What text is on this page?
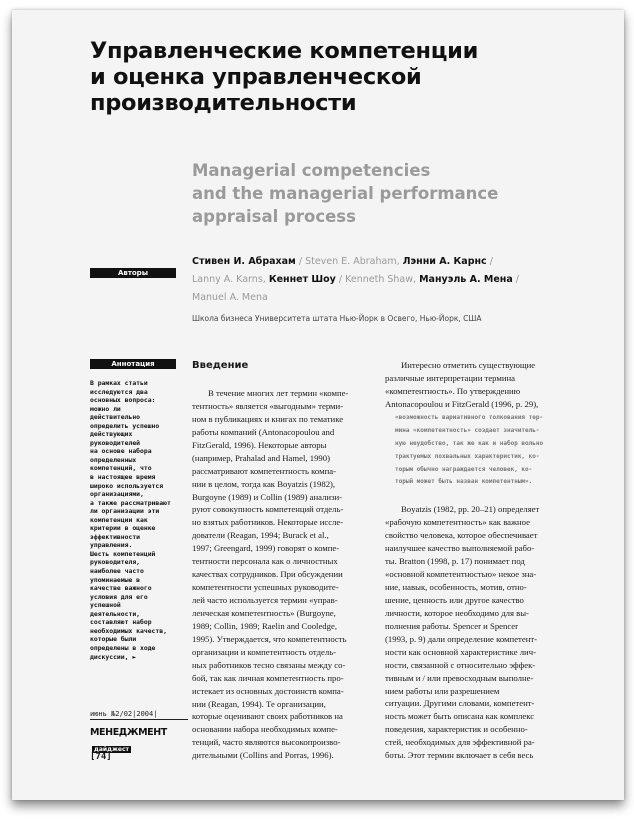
Управленческие компетенции
и оценка управленческой
производительности
Managerial competencies
and the managerial performance
appraisal process
Авторы
Стивен И. Абрахам / Steven E. Abraham, Лэнни А. Карнс /
Lanny A. Karns, Кеннет Шоу / Kenneth Shaw, Мануэль А. Мена /
Manuel A. Mena
Школа бизнеса Университета штата Нью-Йорк в Освего, Нью-Йорк, США
Аннотация
В рамках статьи
исследуются два
основных вопроса:
можно ли
действительно
определить успешно
действующих
руководителей
на основе набора
определенных
компетенций, что
в настоящее время
широко используется
организациями,
а также рассматривают
ли организации эти
компетенции как
критерии в оценке
эффективности
управления.
Шесть компетенций
руководителя,
наиболее часто
упоминаемые в
качестве важного
условия для его
успешной
деятельности,
составляют набор
необходимых качеств,
которые были
определены в ходе
дискуссии, ►
июнь №2/02|2004|
МЕНЕДЖМЕНТдайджест
[74]
Введение
В течение многих лет термин «компе-
тентность» является «выгодным» терми-
ном в публикациях и книгах по тематике
работы компаний (Antonacopoulou and
FitzGerald, 1996). Некоторые авторы
(например, Prahalad and Hamel, 1990)
рассматривают компетентность компа-
нии в целом, тогда как Boyatzis (1982),
Burgoyne (1989) и Collin (1989) анализи-
руют совокупность компетенций отдель-
но взятых работников. Некоторые иссле-
дователи (Reagan, 1994; Burack et al.,
1997; Greengard, 1999) говорят о компе-
тентности персонала как о личностных
качествах сотрудников. При обсуждении
компетентности успешных руководите-
лей часто используется термин «управ-
ленческая компетентность» (Burgoyne,
1989; Collin, 1989; Raelin and Cooledge,
1995). Утверждается, что компетентность
организации и компетентность отдель-
ных работников тесно связаны между со-
бой, так как личная компетентность про-
истекает из основных достоинств компа-
нии (Reagan, 1994). Те организации,
которые оценивают своих работников на
основании набора необходимых компе-
тенций, часто являются высокопроизво-
дительными (Collins and Porras, 1996).
Интересно отметить существующие
различные интерпретации термина
«компетентность». По утверждению
Antonacopoulou и FitzGerald (1996, р. 29),
«возможность вариативного толкования тер-
мина «компетентность» создает значитель-
ную неудобство, так же как и набор вольно
трактуемых похвальных характеристик, ко-
торым обычно награждается человек, ко-
торый может быть назван компетентным».
Boyatzis (1982, pp. 20–21) определяет
«рабочую компетентность» как важное
свойство человека, которое обеспечивает
наилучшее качество выполняемой рабо-
ты. Bratton (1998, p. 17) понимает под
«основной компетентностью» некое зна-
ние, навык, особенность, мотив, отно-
шение, ценность или другое качество
личности, которое необходимо для вы-
полнения работы. Spencer и Spencer
(1993, p. 9) дали определение компетент-
ности как основной характеристике лич-
ности, связанной с относительно эффек-
тивным и / или превосходным выполне-
нием работы или разрешением
ситуации. Другими словами, компетент-
ность может быть описана как комплекс
поведения, характеристик и особенно-
стей, необходимых для эффективной ра-
боты. Этот термин включает в себя весь
